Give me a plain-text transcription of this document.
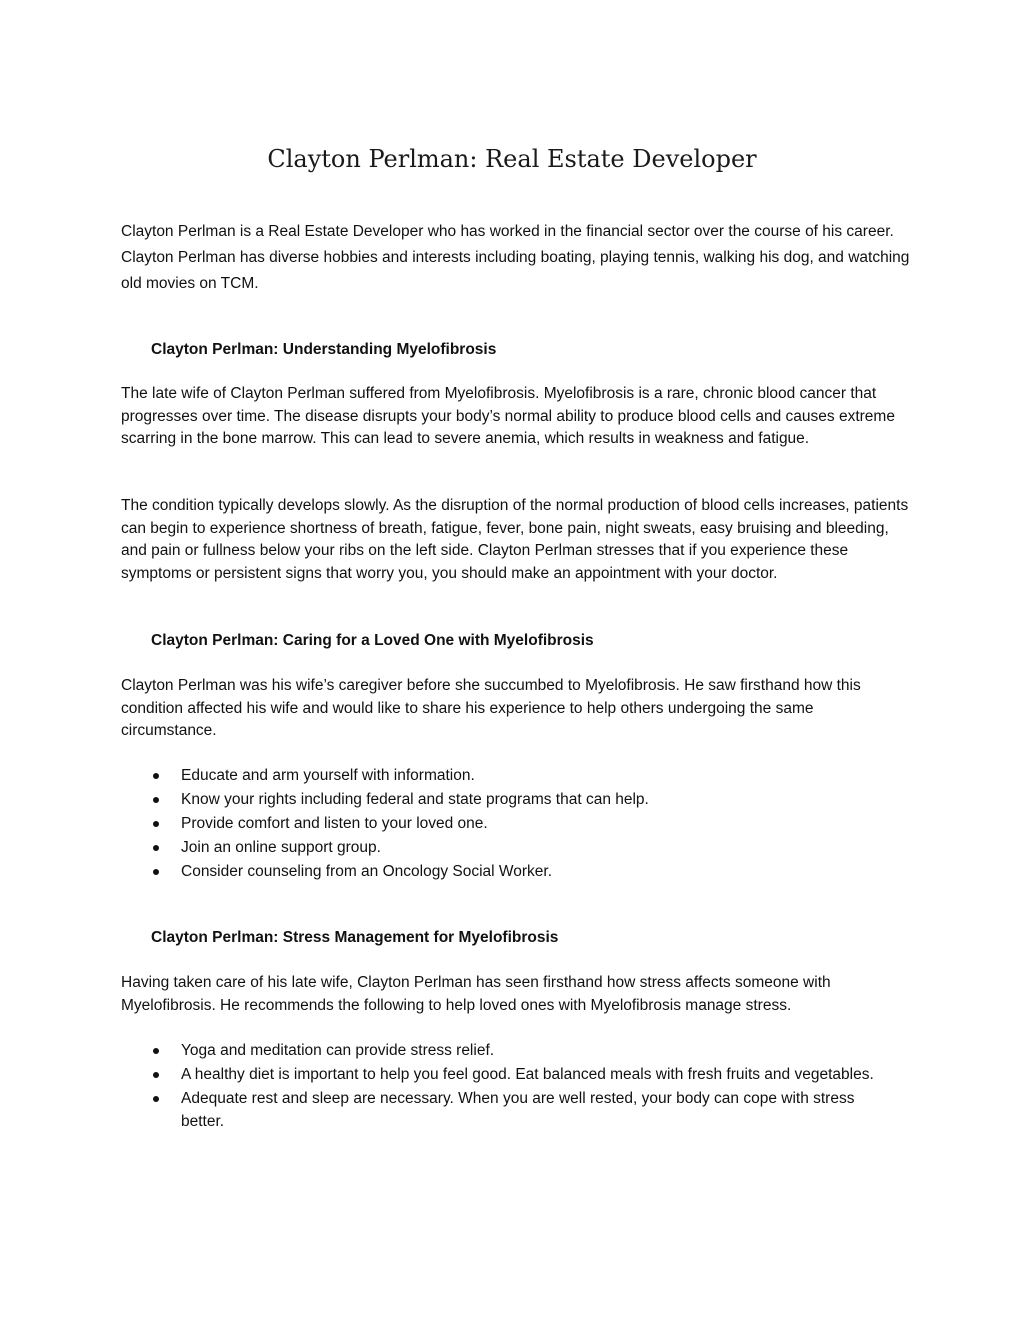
Clayton Perlman: Real Estate Developer

Clayton Perlman is a Real Estate Developer who has worked in the financial sector over the course of his career. Clayton Perlman has diverse hobbies and interests including boating, playing tennis, walking his dog, and watching old movies on TCM.

Clayton Perlman: Understanding Myelofibrosis

The late wife of Clayton Perlman suffered from Myelofibrosis. Myelofibrosis is a rare, chronic blood cancer that progresses over time. The disease disrupts your body’s normal ability to produce blood cells and causes extreme scarring in the bone marrow. This can lead to severe anemia, which results in weakness and fatigue.

The condition typically develops slowly. As the disruption of the normal production of blood cells increases, patients can begin to experience shortness of breath, fatigue, fever, bone pain, night sweats, easy bruising and bleeding, and pain or fullness below your ribs on the left side. Clayton Perlman stresses that if you experience these symptoms or persistent signs that worry you, you should make an appointment with your doctor.

Clayton Perlman: Caring for a Loved One with Myelofibrosis

Clayton Perlman was his wife’s caregiver before she succumbed to Myelofibrosis. He saw firsthand how this condition affected his wife and would like to share his experience to help others undergoing the same circumstance.

Educate and arm yourself with information.
Know your rights including federal and state programs that can help.
Provide comfort and listen to your loved one.
Join an online support group.
Consider counseling from an Oncology Social Worker.
Clayton Perlman: Stress Management for Myelofibrosis

Having taken care of his late wife, Clayton Perlman has seen firsthand how stress affects someone with Myelofibrosis. He recommends the following to help loved ones with Myelofibrosis manage stress.

Yoga and meditation can provide stress relief.
A healthy diet is important to help you feel good. Eat balanced meals with fresh fruits and vegetables.
Adequate rest and sleep are necessary. When you are well rested, your body can cope with stress better.
